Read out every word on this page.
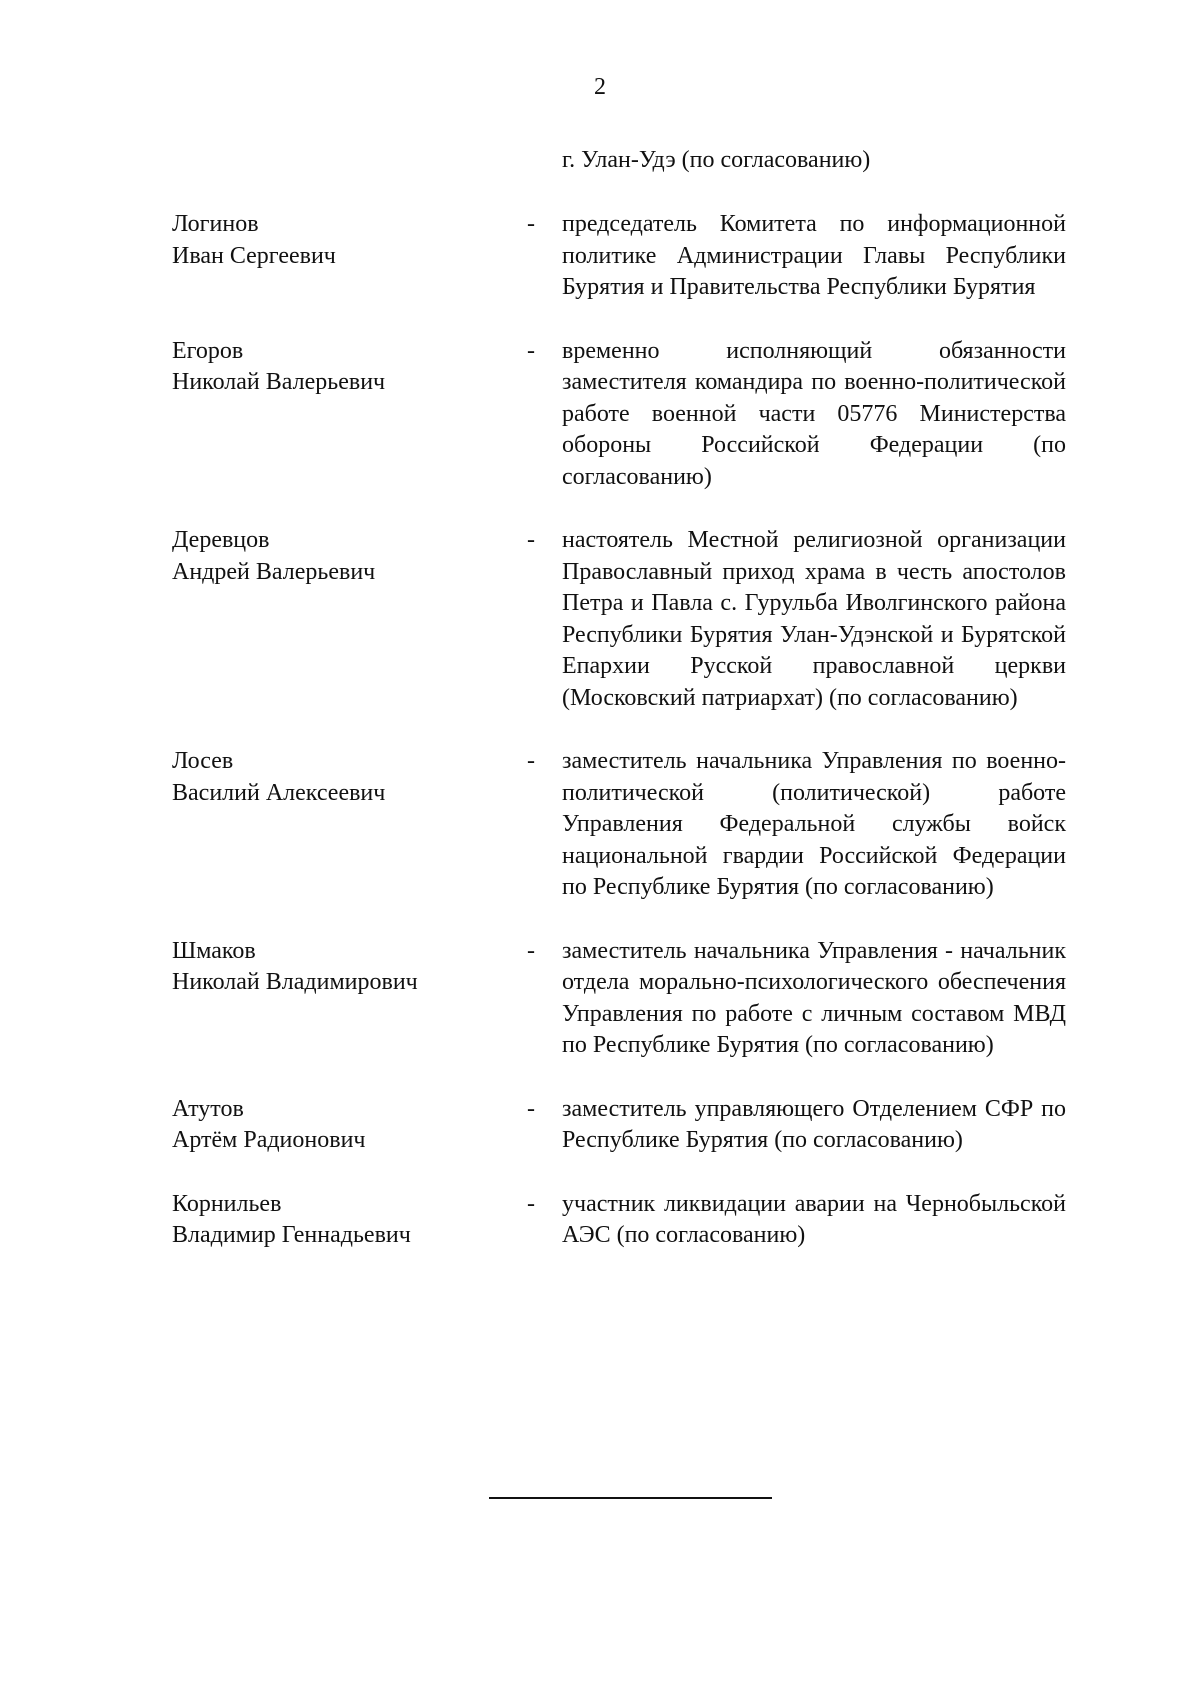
2
г. Улан-Удэ (по согласованию)
Логинов
Иван Сергеевич
-	председатель Комитета по информационной политике Администрации Главы Республики Бурятия и Правительства Республики Бурятия
Егоров
Николай Валерьевич
-	временно исполняющий обязанности заместителя командира по военно-политической работе военной части 05776 Министерства обороны Российской Федерации (по согласованию)
Деревцов
Андрей Валерьевич
-	настоятель Местной религиозной организации Православный приход храма в честь апостолов Петра и Павла с. Гурульба Иволгинского района Республики Бурятия Улан-Удэнской и Бурятской Епархии Русской православной церкви (Московский патриархат) (по согласованию)
Лосев
Василий Алексеевич
-	заместитель начальника Управления по военно-политической (политической) работе Управления Федеральной службы войск национальной гвардии Российской Федерации по Республике Бурятия (по согласованию)
Шмаков
Николай Владимирович
-	заместитель начальника Управления - начальник отдела морально-психологического обеспечения Управления по работе с личным составом МВД по Республике Бурятия (по согласованию)
Атутов
Артём Радионович
-	заместитель управляющего Отделением СФР по Республике Бурятия (по согласованию)
Корнильев
Владимир Геннадьевич
-	участник ликвидации аварии на Чернобыльской АЭС (по согласованию)
